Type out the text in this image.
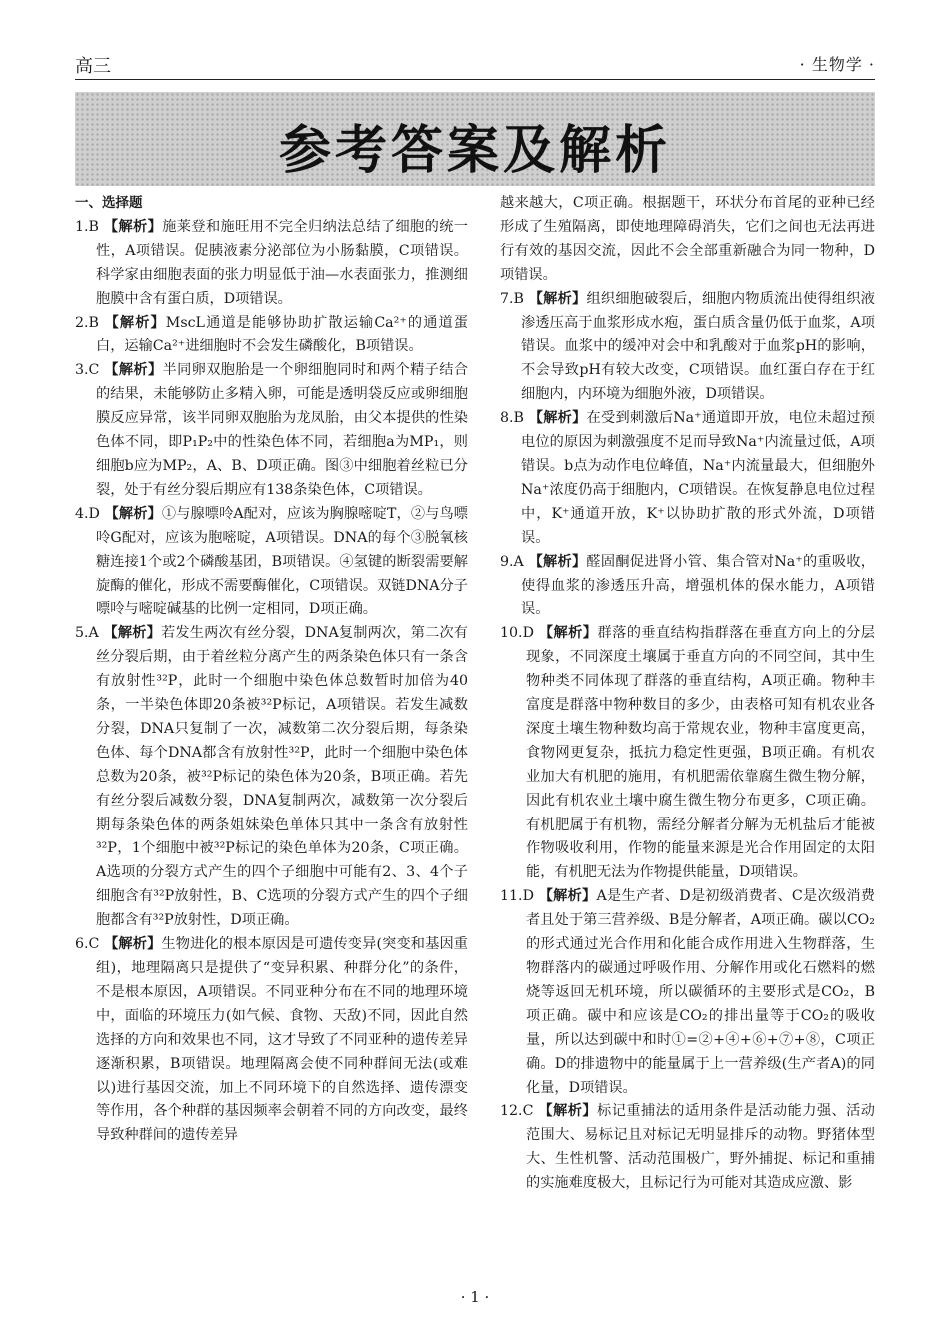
高三	· 生物学 ·
参考答案及解析
一、选择题

1.B 【解析】施莱登和施旺用不完全归纳法总结了细胞的统一性，A项错误。促胰液素分泌部位为小肠黏膜，C项错误。科学家由细胞表面的张力明显低于油—水表面张力，推测细胞膜中含有蛋白质，D项错误。

2.B 【解析】MscL通道是能够协助扩散运输Ca²⁺的通道蛋白，运输Ca²⁺进细胞时不会发生磷酸化，B项错误。

3.C 【解析】半同卵双胞胎是一个卵细胞同时和两个精子结合的结果，未能够防止多精入卵，可能是透明袋反应或卵细胞膜反应异常，该半同卵双胞胎为龙凤胎，由父本提供的性染色体不同，即P₁P₂中的性染色体不同，若细胞a为MP₁，则细胞b应为MP₂，A、B、D项正确。图③中细胞着丝粒已分裂，处于有丝分裂后期应有138条染色体，C项错误。

4.D 【解析】①与腺嘌呤A配对，应该为胸腺嘧啶T，②与鸟嘌呤G配对，应该为胞嘧啶，A项错误。DNA的每个③脱氧核糖连接1个或2个磷酸基团，B项错误。④氢键的断裂需要解旋酶的催化，形成不需要酶催化，C项错误。双链DNA分子嘌呤与嘧啶碱基的比例一定相同，D项正确。

5.A 【解析】若发生两次有丝分裂，DNA复制两次，第二次有丝分裂后期，由于着丝粒分离产生的两条染色体只有一条含有放射性³²P，此时一个细胞中染色体总数暂时加倍为40条，一半染色体即20条被³²P标记，A项错误。若发生减数分裂，DNA只复制了一次，减数第二次分裂后期，每条染色体、每个DNA都含有放射性³²P，此时一个细胞中染色体总数为20条，被³²P标记的染色体为20条，B项正确。若先有丝分裂后减数分裂，DNA复制两次，减数第一次分裂后期每条染色体的两条姐妹染色单体只其中一条含有放射性³²P，1个细胞中被³²P标记的染色单体为20条，C项正确。A选项的分裂方式产生的四个子细胞中可能有2、3、4个子细胞含有³²P放射性，B、C选项的分裂方式产生的四个子细胞都含有³²P放射性，D项正确。

6.C 【解析】生物进化的根本原因是可遗传变异(突变和基因重组)，地理隔离只是提供了“变异积累、种群分化”的条件，不是根本原因，A项错误。不同亚种分布在不同的地理环境中，面临的环境压力(如气候、食物、天敌)不同，因此自然选择的方向和效果也不同，这才导致了不同亚种的遗传差异逐渐积累，B项错误。地理隔离会使不同种群间无法(或难以)进行基因交流，加上不同环境下的自然选择、遗传漂变等作用，各个种群的基因频率会朝着不同的方向改变，最终导致种群间的遗传差异

越来越大，C项正确。根据题干，环状分布首尾的亚种已经形成了生殖隔离，即使地理障碍消失，它们之间也无法再进行有效的基因交流，因此不会全部重新融合为同一物种，D项错误。

7.B 【解析】组织细胞破裂后，细胞内物质流出使得组织液渗透压高于血浆形成水疱，蛋白质含量仍低于血浆，A项错误。血浆中的缓冲对会中和乳酸对于血浆pH的影响，不会导致pH有较大改变，C项错误。血红蛋白存在于红细胞内，内环境为细胞外液，D项错误。

8.B 【解析】在受到刺激后Na⁺通道即开放，电位未超过预电位的原因为刺激强度不足而导致Na⁺内流量过低，A项错误。b点为动作电位峰值，Na⁺内流量最大，但细胞外Na⁺浓度仍高于细胞内，C项错误。在恢复静息电位过程中，K⁺通道开放，K⁺以协助扩散的形式外流，D项错误。

9.A 【解析】醛固酮促进肾小管、集合管对Na⁺的重吸收，使得血浆的渗透压升高，增强机体的保水能力，A项错误。

10.D 【解析】群落的垂直结构指群落在垂直方向上的分层现象，不同深度土壤属于垂直方向的不同空间，其中生物种类不同体现了群落的垂直结构，A项正确。物种丰富度是群落中物种数目的多少，由表格可知有机农业各深度土壤生物种数均高于常规农业，物种丰富度更高，食物网更复杂，抵抗力稳定性更强，B项正确。有机农业加大有机肥的施用，有机肥需依靠腐生微生物分解，因此有机农业土壤中腐生微生物分布更多，C项正确。有机肥属于有机物，需经分解者分解为无机盐后才能被作物吸收利用，作物的能量来源是光合作用固定的太阳能，有机肥无法为作物提供能量，D项错误。

11.D 【解析】A是生产者、D是初级消费者、C是次级消费者且处于第三营养级、B是分解者，A项正确。碳以CO₂的形式通过光合作用和化能合成作用进入生物群落，生物群落内的碳通过呼吸作用、分解作用或化石燃料的燃烧等返回无机环境，所以碳循环的主要形式是CO₂，B项正确。碳中和应该是CO₂的排出量等于CO₂的吸收量，所以达到碳中和时①=②+④+⑥+⑦+⑧，C项正确。D的排遗物中的能量属于上一营养级(生产者A)的同化量，D项错误。

12.C 【解析】标记重捕法的适用条件是活动能力强、活动范围大、易标记且对标记无明显排斥的动物。野猪体型大、生性机警、活动范围极广，野外捕捉、标记和重捕的实施难度极大，且标记行为可能对其造成应激、影

· 1 ·
